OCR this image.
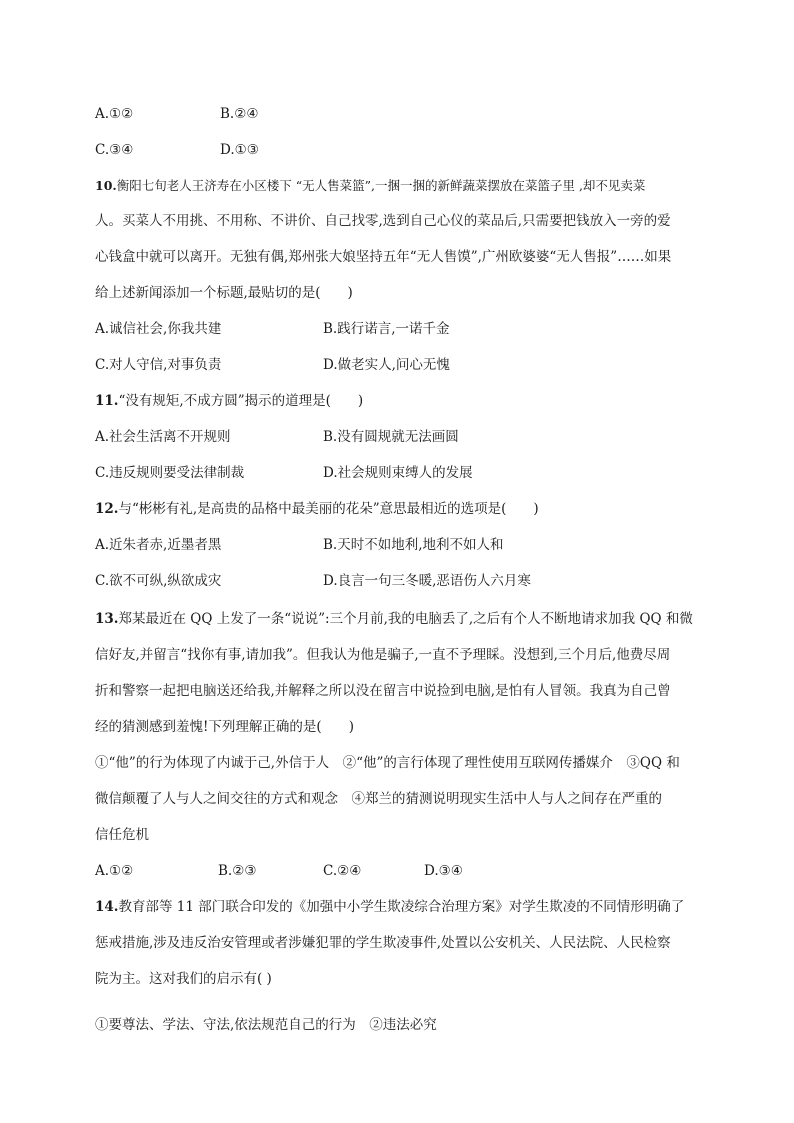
A.①②	B.②④
C.③④	D.①③
10.衡阳七旬老人王济寿在小区楼下 “无人售菜篮”,一捆一捆的新鲜蔬菜摆放在菜篮子里 ,却不见卖菜
人。买菜人不用挑、不用称、不讲价、自己找零,选到自己心仪的菜品后,只需要把钱放入一旁的爱
心钱盒中就可以离开。无独有偶,郑州张大娘坚持五年“无人售馍”,广州欧婆婆“无人售报”……如果
给上述新闻添加一个标题,最贴切的是(　　)
A.诚信社会,你我共建	B.践行诺言,一诺千金
C.对人守信,对事负责	D.做老实人,问心无愧
11.“没有规矩,不成方圆”揭示的道理是(　　)
A.社会生活离不开规则	B.没有圆规就无法画圆
C.违反规则要受法律制裁	D.社会规则束缚人的发展
12.与“彬彬有礼,是高贵的品格中最美丽的花朵”意思最相近的选项是(　　)
A.近朱者赤,近墨者黑	B.天时不如地利,地利不如人和
C.欲不可纵,纵欲成灾	D.良言一句三冬暖,恶语伤人六月寒
13.郑某最近在 QQ 上发了一条“说说”:三个月前,我的电脑丢了,之后有个人不断地请求加我 QQ 和微
信好友,并留言“找你有事,请加我”。但我认为他是骗子,一直不予理睬。没想到,三个月后,他费尽周
折和警察一起把电脑送还给我,并解释之所以没在留言中说捡到电脑,是怕有人冒领。我真为自己曾
经的猜测感到羞愧!下列理解正确的是(　　)
①“他”的行为体现了内诚于己,外信于人　②“他”的言行体现了理性使用互联网传播媒介　③QQ 和
微信颠覆了人与人之间交往的方式和观念　④郑兰的猜测说明现实生活中人与人之间存在严重的
信任危机
A.①②	B.②③	C.②④	D.③④
14.教育部等 11 部门联合印发的《加强中小学生欺凌综合治理方案》对学生欺凌的不同情形明确了
惩戒措施,涉及违反治安管理或者涉嫌犯罪的学生欺凌事件,处置以公安机关、人民法院、人民检察
院为主。这对我们的启示有( )
①要尊法、学法、守法,依法规范自己的行为　②违法必究
